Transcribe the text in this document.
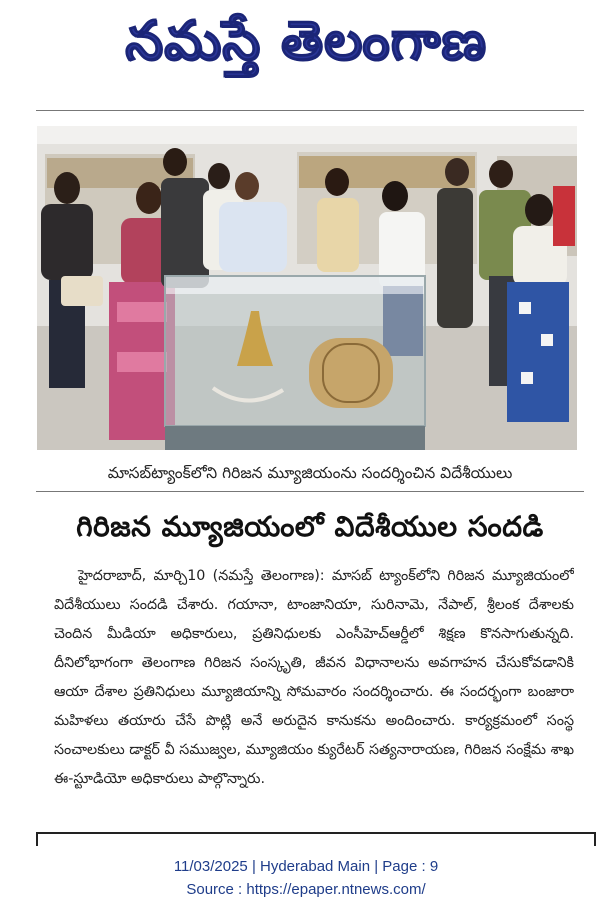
నమస్తే తెలంగాణ
మాసబ్‌ట్యాంక్‌లోని గిరిజన మ్యూజియంను సందర్శించిన విదేశీయులు
గిరిజన మ్యూజియంలో విదేశీయుల సందడి

హైదరాబాద్, మార్చి10 (నమస్తే తెలంగాణ): మాసబ్ ట్యాంక్‌లోని గిరిజన మ్యూజియంలో విదేశీయులు సందడి చేశారు. గయానా, టాంజానియా, సురినామె, నేపాల్, శ్రీలంక దేశాలకు చెందిన మీడియా అధికారులు, ప్రతినిధులకు ఎంసీహెచ్‌ఆర్డీలో శిక్షణ కొనసాగుతున్నది. దీనిలోభాగంగా తెలంగాణ గిరిజన సంస్కృతి, జీవన విధానాలను అవగాహన చేసుకోవడానికి ఆయా దేశాల ప్రతినిధులు మ్యూజియాన్ని సోమవారం సందర్శించారు. ఈ సందర్భంగా బంజారా మహిళలు తయారు చేసే పొట్లి అనే అరుదైన కానుకను అందించారు. కార్యక్రమంలో సంస్థ సంచాలకులు డాక్టర్ వీ సముజ్వల, మ్యూజియం క్యురేటర్ సత్యనారాయణ, గిరిజన సంక్షేమ శాఖ ఈ-స్టూడియో అధికారులు పాల్గొన్నారు.

11/03/2025 | Hyderabad Main | Page : 9
Source : https://epaper.ntnews.com/
